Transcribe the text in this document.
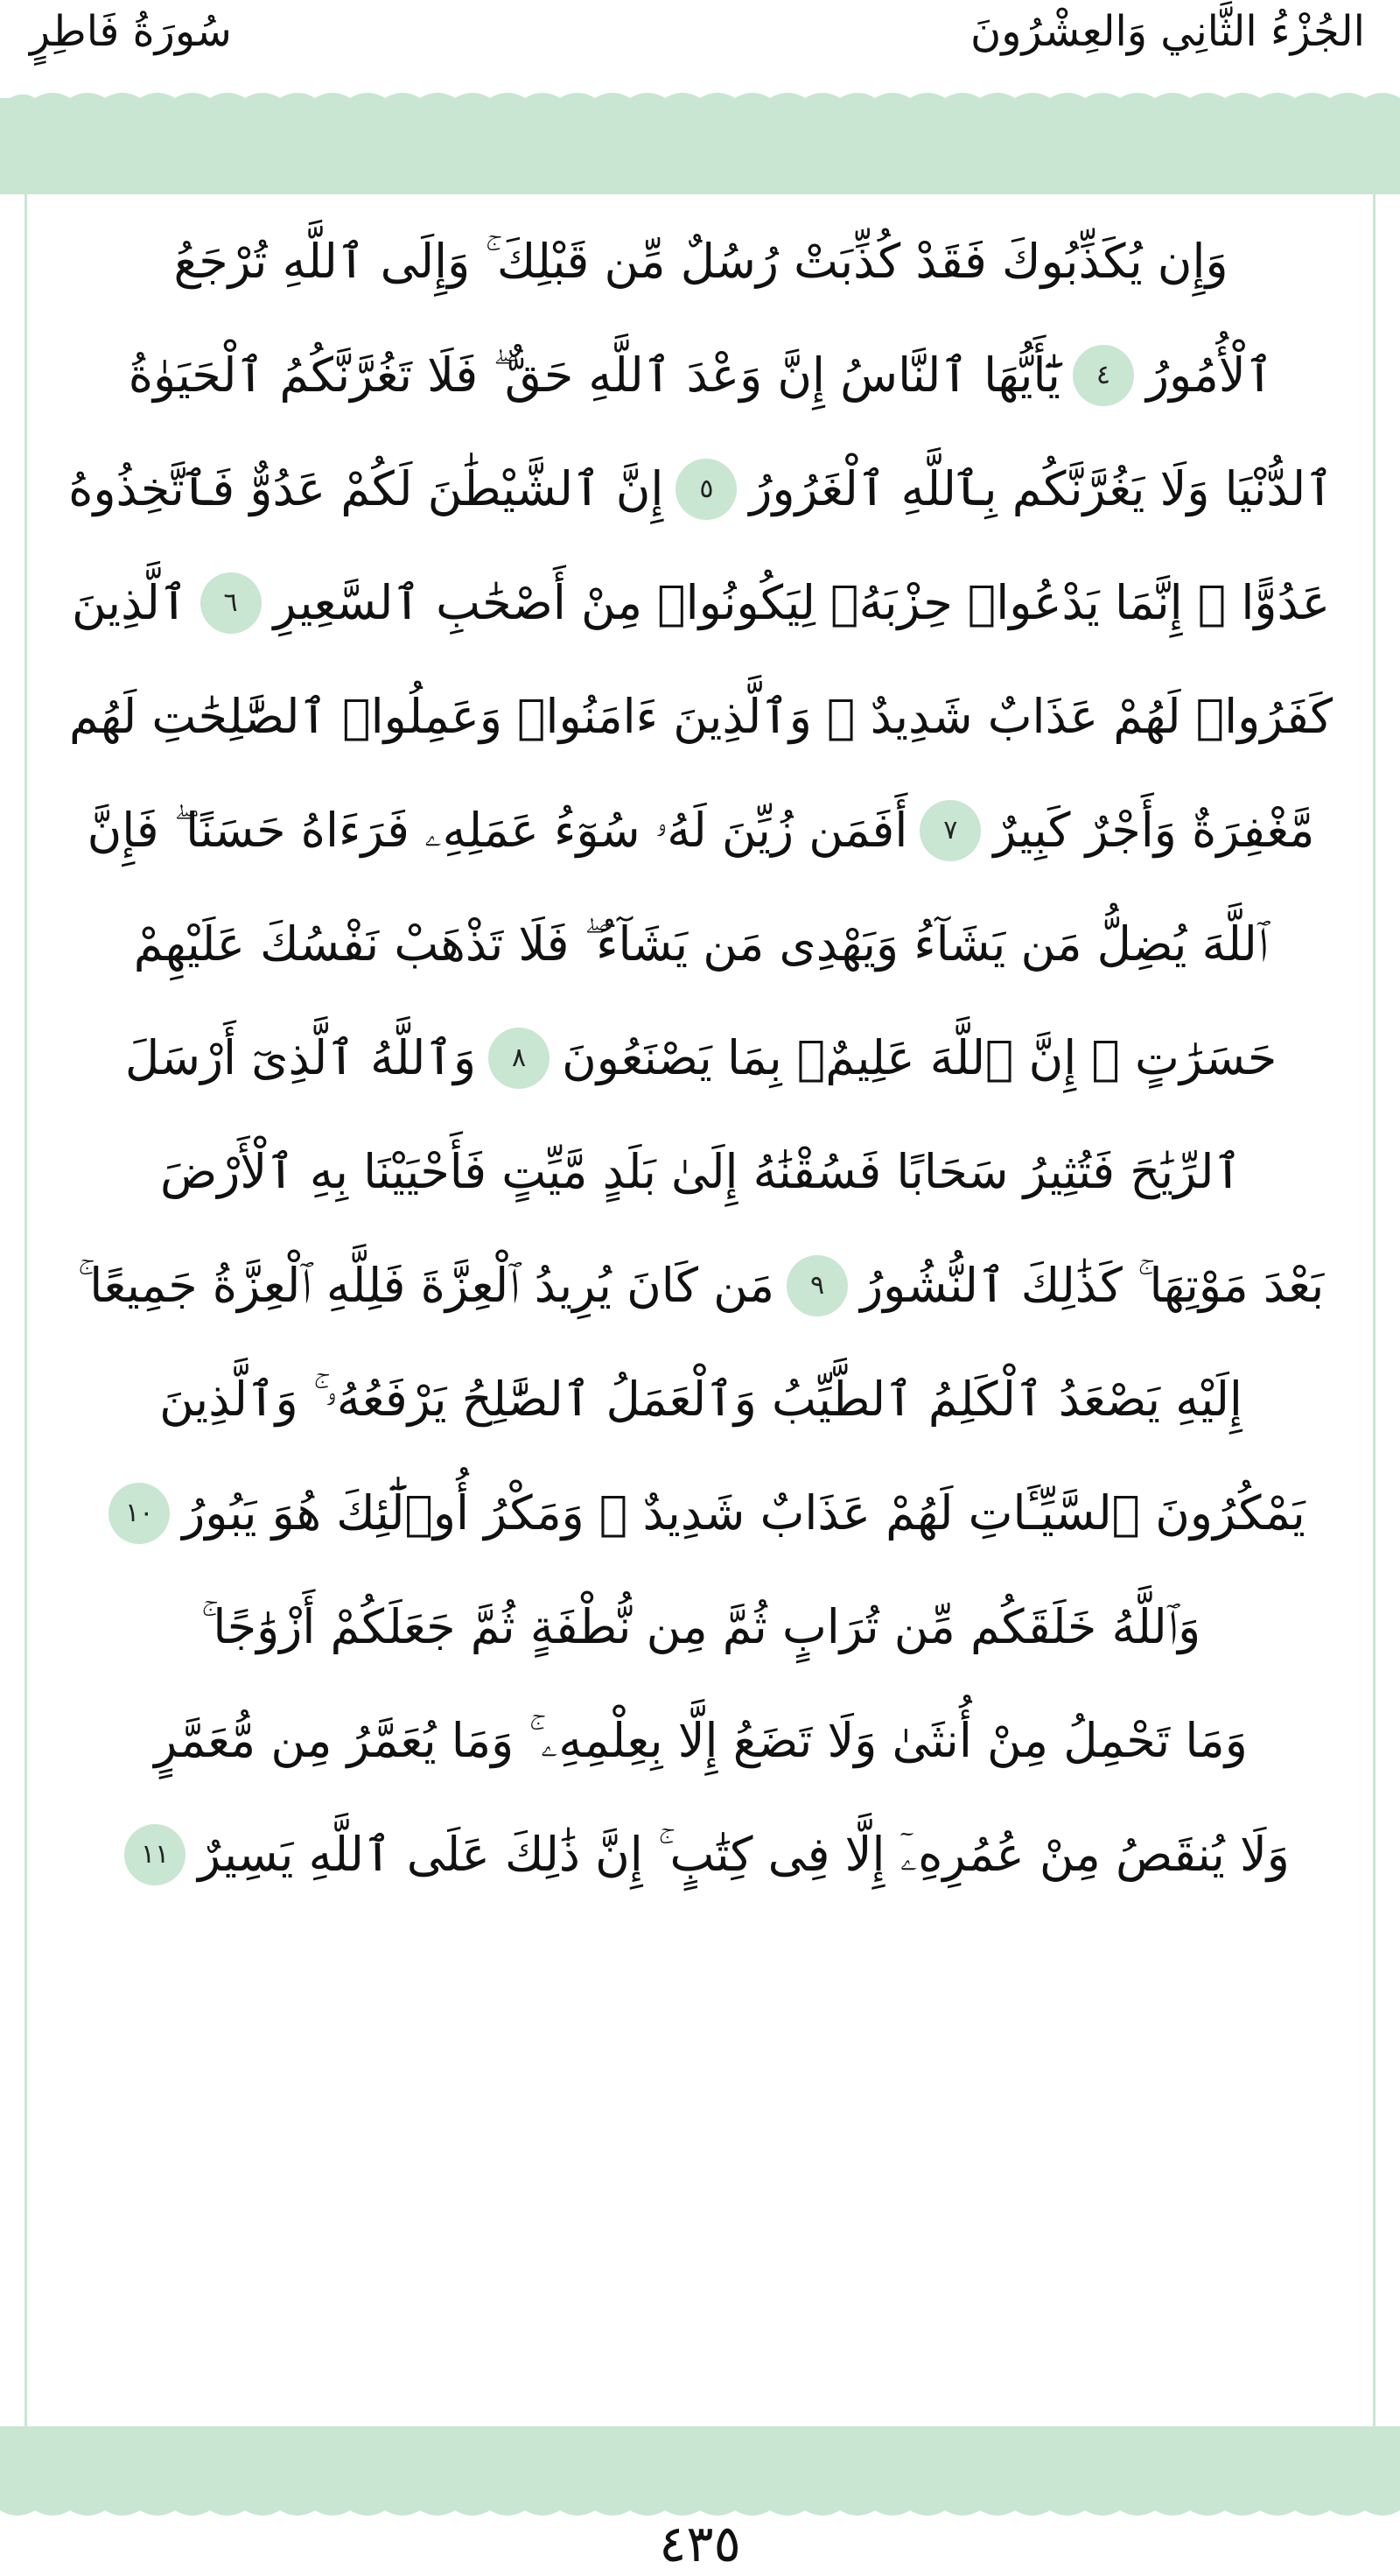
الجُزْءُ الثَّانِي وَالعِشْرُونَ
سُورَةُ فَاطِرٍ
وَإِن يُكَذِّبُوكَ فَقَدْ كُذِّبَتْ رُسُلٌ مِّن قَبْلِكَ ۚ وَإِلَى ٱللَّهِ تُرْجَعُ
ٱلْأُمُورُ
٤
يَٰٓأَيُّهَا ٱلنَّاسُ إِنَّ وَعْدَ ٱللَّهِ حَقٌّ ۖ فَلَا تَغُرَّنَّكُمُ ٱلْحَيَوٰةُ
ٱلدُّنْيَا وَلَا يَغُرَّنَّكُم بِٱللَّهِ ٱلْغَرُورُ
٥
إِنَّ ٱلشَّيْطَٰنَ لَكُمْ عَدُوٌّ فَٱتَّخِذُوهُ
عَدُوًّا ۚ إِنَّمَا يَدْعُوا۟ حِزْبَهُۥ لِيَكُونُوا۟ مِنْ أَصْحَٰبِ ٱلسَّعِيرِ
٦
ٱلَّذِينَ
كَفَرُوا۟ لَهُمْ عَذَابٌ شَدِيدٌ ۖ وَٱلَّذِينَ ءَامَنُوا۟ وَعَمِلُوا۟ ٱلصَّٰلِحَٰتِ لَهُم
مَّغْفِرَةٌ وَأَجْرٌ كَبِيرٌ
٧
أَفَمَن زُيِّنَ لَهُۥ سُوٓءُ عَمَلِهِۦ فَرَءَاهُ حَسَنًا ۖ فَإِنَّ
ٱللَّهَ يُضِلُّ مَن يَشَآءُ وَيَهْدِى مَن يَشَآءُ ۖ فَلَا تَذْهَبْ نَفْسُكَ عَلَيْهِمْ
حَسَرَٰتٍ ۚ إِنَّ ٱللَّهَ عَلِيمٌۢ بِمَا يَصْنَعُونَ
٨
وَٱللَّهُ ٱلَّذِىٓ أَرْسَلَ
ٱلرِّيَٰحَ فَتُثِيرُ سَحَابًا فَسُقْنَٰهُ إِلَىٰ بَلَدٍ مَّيِّتٍ فَأَحْيَيْنَا بِهِ ٱلْأَرْضَ
بَعْدَ مَوْتِهَا ۚ كَذَٰلِكَ ٱلنُّشُورُ
٩
مَن كَانَ يُرِيدُ ٱلْعِزَّةَ فَلِلَّهِ ٱلْعِزَّةُ جَمِيعًا ۚ
إِلَيْهِ يَصْعَدُ ٱلْكَلِمُ ٱلطَّيِّبُ وَٱلْعَمَلُ ٱلصَّٰلِحُ يَرْفَعُهُۥ ۚ وَٱلَّذِينَ
يَمْكُرُونَ ٱلسَّيِّـَٔاتِ لَهُمْ عَذَابٌ شَدِيدٌ ۖ وَمَكْرُ أُو۟لَٰٓئِكَ هُوَ يَبُورُ
١٠
وَٱللَّهُ خَلَقَكُم مِّن تُرَابٍ ثُمَّ مِن نُّطْفَةٍ ثُمَّ جَعَلَكُمْ أَزْوَٰجًا ۚ
وَمَا تَحْمِلُ مِنْ أُنثَىٰ وَلَا تَضَعُ إِلَّا بِعِلْمِهِۦ ۚ وَمَا يُعَمَّرُ مِن مُّعَمَّرٍ
وَلَا يُنقَصُ مِنْ عُمُرِهِۦٓ إِلَّا فِى كِتَٰبٍ ۚ إِنَّ ذَٰلِكَ عَلَى ٱللَّهِ يَسِيرٌ
١١
٤٣٥
